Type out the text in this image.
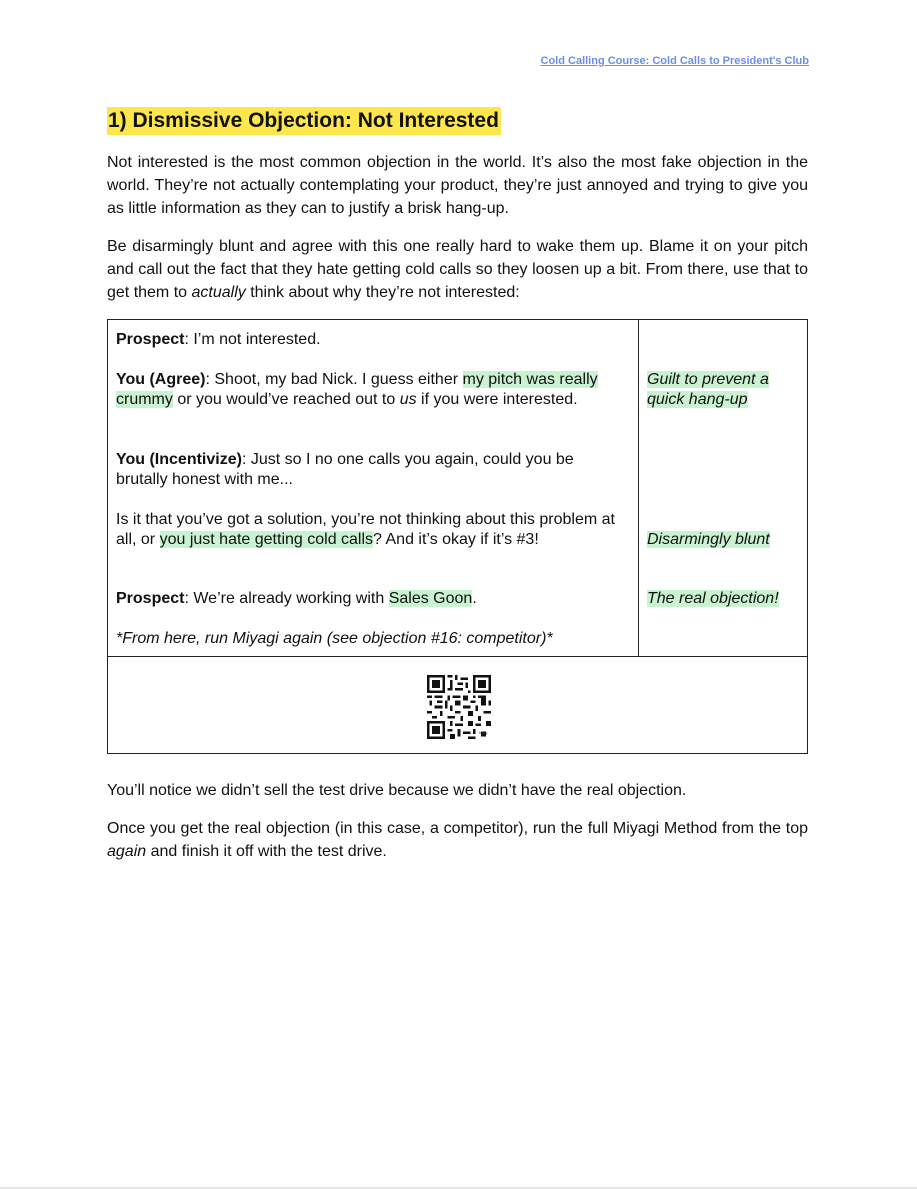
Cold Calling Course: Cold Calls to President's Club
1) Dismissive Objection: Not Interested

Not interested is the most common objection in the world. It’s also the most fake objection in the world. They’re not actually contemplating your product, they’re just annoyed and trying to give you as little information as they can to justify a brisk hang-up.

Be disarmingly blunt and agree with this one really hard to wake them up. Blame it on your pitch and call out the fact that they hate getting cold calls so they loosen up a bit. From there, use that to get them to actually think about why they’re not interested:

Prospect: I’m not interested.

You (Agree): Shoot, my bad Nick. I guess either my pitch was really crummy or you would’ve reached out to us if you were interested.

You (Incentivize): Just so I no one calls you again, could you be brutally honest with me...

Is it that you’ve got a solution, you’re not thinking about this problem at all, or you just hate getting cold calls? And it’s okay if it’s #3!

Prospect: We’re already working with Sales Goon.

*From here, run Miyagi again (see objection #16: competitor)*

Guilt to prevent a quick hang-up

Disarmingly blunt

The real objection!

hiMy

You’ll notice we didn’t sell the test drive because we didn’t have the real objection.

Once you get the real objection (in this case, a competitor), run the full Miyagi Method from the top again and finish it off with the test drive.
